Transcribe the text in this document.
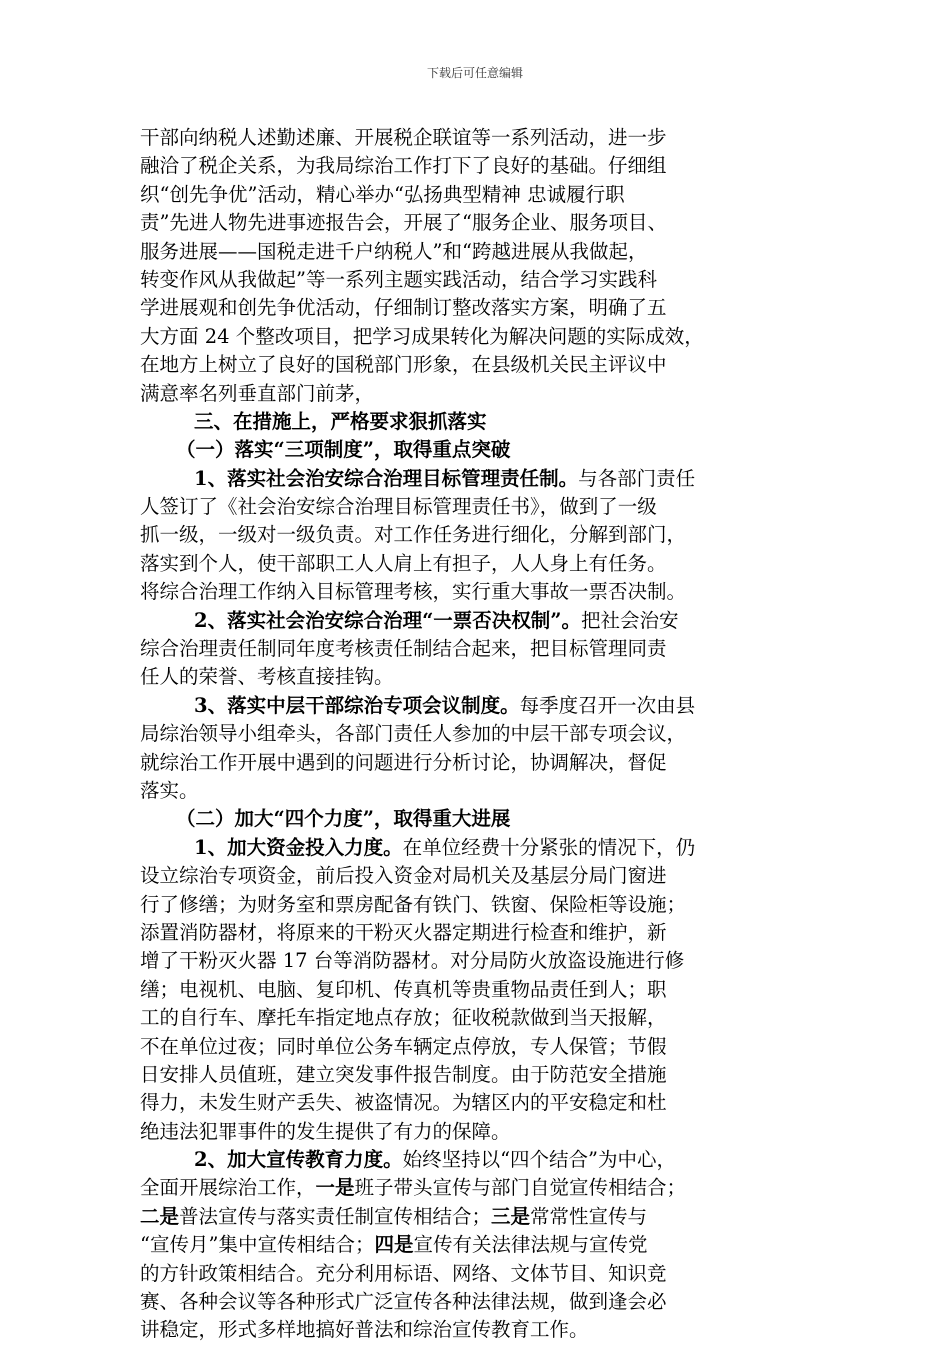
下载后可任意编辑
干部向纳税人述勤述廉、开展税企联谊等一系列活动，进一步
融洽了税企关系，为我局综治工作打下了良好的基础。仔细组
织“创先争优”活动，精心举办“弘扬典型精神 忠诚履行职
责”先进人物先进事迹报告会，开展了“服务企业、服务项目、
服务进展——国税走进千户纳税人”和“跨越进展从我做起，
转变作风从我做起”等一系列主题实践活动，结合学习实践科
学进展观和创先争优活动，仔细制订整改落实方案，明确了五
大方面 24 个整改项目，把学习成果转化为解决问题的实际成效，
在地方上树立了良好的国税部门形象，在县级机关民主评议中
满意率名列垂直部门前茅，
三、在措施上，严格要求狠抓落实
（一）落实“三项制度”，取得重点突破
1、落实社会治安综合治理目标管理责任制。与各部门责任
人签订了《社会治安综合治理目标管理责任书》，做到了一级
抓一级，一级对一级负责。对工作任务进行细化，分解到部门，
落实到个人，使干部职工人人肩上有担子，人人身上有任务。
将综合治理工作纳入目标管理考核，实行重大事故一票否决制。
2、落实社会治安综合治理“一票否决权制”。把社会治安
综合治理责任制同年度考核责任制结合起来，把目标管理同责
任人的荣誉、考核直接挂钩。
3、落实中层干部综治专项会议制度。每季度召开一次由县
局综治领导小组牵头，各部门责任人参加的中层干部专项会议，
就综治工作开展中遇到的问题进行分析讨论，协调解决，督促
落实。
（二）加大“四个力度”，取得重大进展
1、加大资金投入力度。在单位经费十分紧张的情况下，仍
设立综治专项资金，前后投入资金对局机关及基层分局门窗进
行了修缮；为财务室和票房配备有铁门、铁窗、保险柜等设施；
添置消防器材，将原来的干粉灭火器定期进行检查和维护，新
增了干粉灭火器 17 台等消防器材。对分局防火放盗设施进行修
缮；电视机、电脑、复印机、传真机等贵重物品责任到人；职
工的自行车、摩托车指定地点存放；征收税款做到当天报解，
不在单位过夜；同时单位公务车辆定点停放，专人保管；节假
日安排人员值班，建立突发事件报告制度。由于防范安全措施
得力，未发生财产丢失、被盗情况。为辖区内的平安稳定和杜
绝违法犯罪事件的发生提供了有力的保障。
2、加大宣传教育力度。始终坚持以“四个结合”为中心，
全面开展综治工作，一是班子带头宣传与部门自觉宣传相结合；
二是普法宣传与落实责任制宣传相结合；三是常常性宣传与
“宣传月”集中宣传相结合；四是宣传有关法律法规与宣传党
的方针政策相结合。充分利用标语、网络、文体节目、知识竞
赛、各种会议等各种形式广泛宣传各种法律法规，做到逢会必
讲稳定，形式多样地搞好普法和综治宣传教育工作。
